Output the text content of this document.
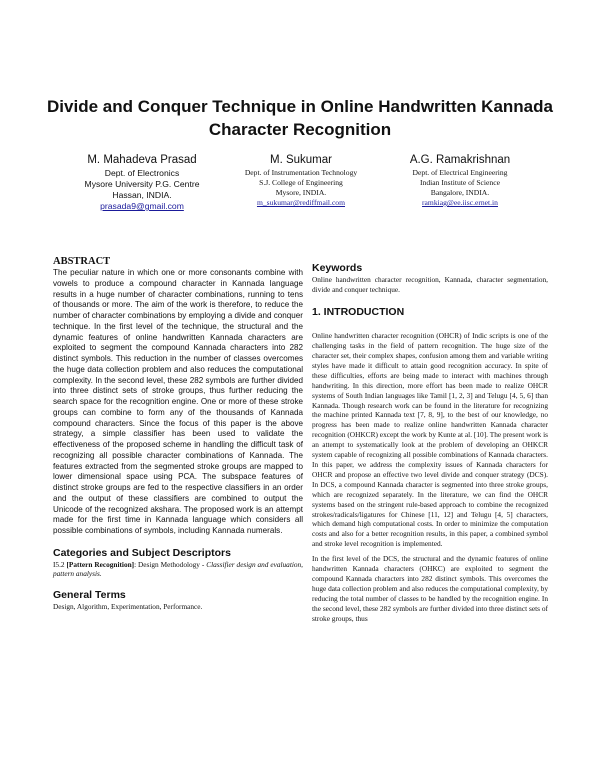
Divide and Conquer Technique in Online Handwritten Kannada Character Recognition
M. Mahadeva Prasad
Dept. of Electronics
Mysore University P.G. Centre
Hassan, INDIA.
prasada9@gmail.com
M. Sukumar
Dept. of Instrumentation Technology
S.J. College of Engineering
Mysore, INDIA.
m_sukumar@rediffmail.com
A.G. Ramakrishnan
Dept. of Electrical Engineering
Indian Institute of Science
Bangalore, INDIA.
ramkiag@ee.iisc.ernet.in
ABSTRACT

The peculiar nature in which one or more consonants combine with vowels to produce a compound character in Kannada language results in a huge number of character combinations, running to tens of thousands or more. The aim of the work is therefore, to reduce the number of character combinations by employing a divide and conquer technique. In the first level of the technique, the structural and the dynamic features of online handwritten Kannada characters are exploited to segment the compound Kannada characters into 282 distinct symbols. This reduction in the number of classes overcomes the huge data collection problem and also reduces the computational complexity. In the second level, these 282 symbols are further divided into three distinct sets of stroke groups, thus further reducing the search space for the recognition engine. One or more of these stroke groups can combine to form any of the thousands of Kannada compound characters. Since the focus of this paper is the above strategy, a simple classifier has been used to validate the effectiveness of the proposed scheme in handling the difficult task of recognizing all possible character combinations of Kannada. The features extracted from the segmented stroke groups are mapped to lower dimensional space using PCA. The subspace features of distinct stroke groups are fed to the respective classifiers in an order and the output of these classifiers are combined to output the Unicode of the recognized akshara. The proposed work is an attempt made for the first time in Kannada language which considers all possible combinations of symbols, including Kannada numerals.

Categories and Subject Descriptors

I5.2 [Pattern Recognition]: Design Methodology - Classifier design and evaluation, pattern analysis.

General Terms

Design, Algorithm, Experimentation, Performance.

Keywords

Online handwritten character recognition, Kannada, character segmentation, divide and conquer technique.

1. INTRODUCTION

Online handwritten character recognition (OHCR) of Indic scripts is one of the challenging tasks in the field of pattern recognition. The huge size of the character set, their complex shapes, confusion among them and variable writing styles have made it difficult to attain good recognition accuracy. In spite of these difficulties, efforts are being made to interact with machines through handwriting. In this direction, more effort has been made to realize OHCR systems of South Indian languages like Tamil [1, 2, 3] and Telugu [4, 5, 6] than Kannada. Though research work can be found in the literature for recognizing the machine printed Kannada text [7, 8, 9], to the best of our knowledge, no progress has been made to realize online handwritten Kannada character recognition (OHKCR) except the work by Kunte at al. [10]. The present work is an attempt to systematically look at the problem of developing an OHKCR system capable of recognizing all possible combinations of Kannada characters. In this paper, we address the complexity issues of Kannada characters for OHCR and propose an effective two level divide and conquer strategy (DCS). In DCS, a compound Kannada character is segmented into three stroke groups, which are recognized separately. In the literature, we can find the OHCR systems based on the stringent rule-based approach to combine the recognized strokes/radicals/ligatures for Chinese [11, 12] and Telugu [4, 5] characters, which demand high computational costs. In order to minimize the computation costs and also for a better recognition results, in this paper, a combined symbol and stroke level recognition is implemented.

In the first level of the DCS, the structural and the dynamic features of online handwritten Kannada characters (OHKC) are exploited to segment the compound Kannada characters into 282 distinct symbols. This overcomes the huge data collection problem and also reduces the computational complexity, by reducing the total number of classes to be handled by the recognition engine. In the second level, these 282 symbols are further divided into three distinct sets of stroke groups, thus
